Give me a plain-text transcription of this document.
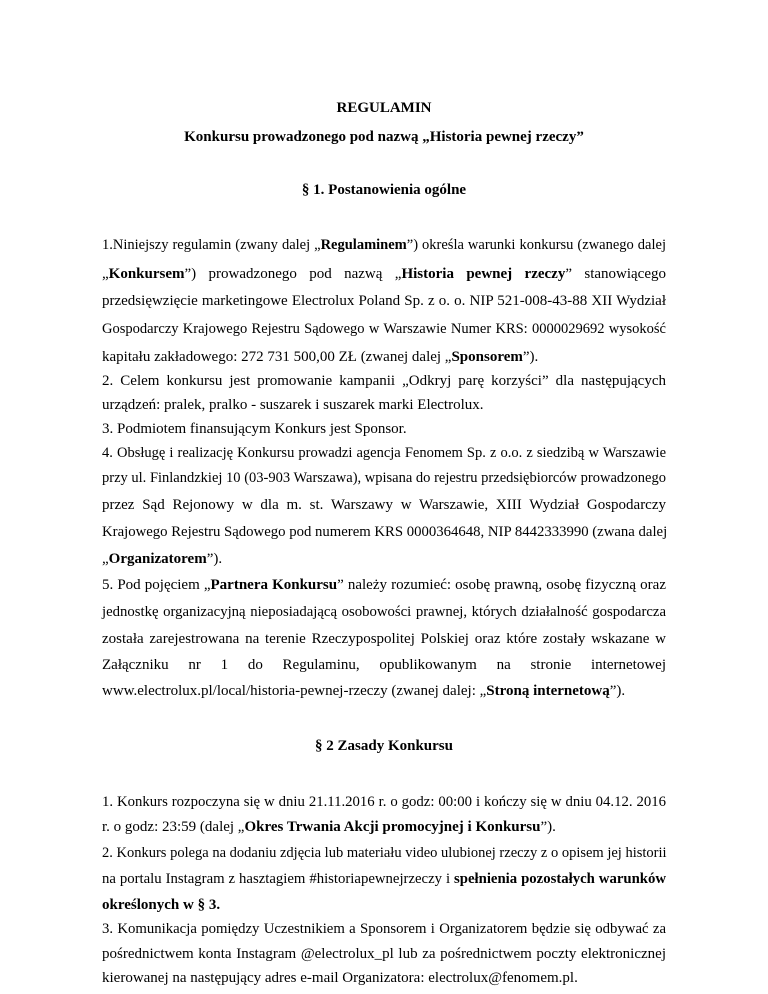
REGULAMIN
Konkursu prowadzonego pod nazwą „Historia pewnej rzeczy”
§ 1. Postanowienia ogólne
1.Niniejszy regulamin (zwany dalej „Regulaminem”) określa warunki konkursu (zwanego dalej
„Konkursem”) prowadzonego pod nazwą „Historia pewnej rzeczy” stanowiącego
przedsięwzięcie marketingowe Electrolux Poland Sp. z o. o. NIP 521-008-43-88 XII Wydział
Gospodarczy Krajowego Rejestru Sądowego w Warszawie Numer KRS: 0000029692 wysokość
kapitału zakładowego: 272 731 500,00 ZŁ (zwanej dalej „Sponsorem”).
2. Celem konkursu jest promowanie kampanii „Odkryj parę korzyści” dla następujących
urządzeń: pralek, pralko - suszarek i suszarek marki Electrolux.
3. Podmiotem finansującym Konkurs jest Sponsor.
4. Obsługę i realizację Konkursu prowadzi agencja Fenomem Sp. z o.o. z siedzibą w Warszawie
przy ul. Finlandzkiej 10 (03-903 Warszawa), wpisana do rejestru przedsiębiorców prowadzonego
przez Sąd Rejonowy w dla m. st. Warszawy w Warszawie, XIII Wydział Gospodarczy
Krajowego Rejestru Sądowego pod numerem KRS 0000364648, NIP 8442333990 (zwana dalej
„Organizatorem”).
5. Pod pojęciem „Partnera Konkursu” należy rozumieć: osobę prawną, osobę fizyczną oraz
jednostkę organizacyjną nieposiadającą osobowości prawnej, których działalność gospodarcza
została zarejestrowana na terenie Rzeczypospolitej Polskiej oraz które zostały wskazane w
Załączniku nr 1 do Regulaminu, opublikowanym na stronie internetowej
www.electrolux.pl/local/historia-pewnej-rzeczy (zwanej dalej: „Stroną internetową”).
§ 2 Zasady Konkursu
1. Konkurs rozpoczyna się w dniu 21.11.2016 r. o godz: 00:00 i kończy się w dniu 04.12. 2016
r. o godz: 23:59 (dalej „Okres Trwania Akcji promocyjnej i Konkursu”).
2. Konkurs polega na dodaniu zdjęcia lub materiału video ulubionej rzeczy z o opisem jej historii
na portalu Instagram z hasztagiem #historiapewnejrzeczy i spełnienia pozostałych warunków
określonych w § 3.
3. Komunikacja pomiędzy Uczestnikiem a Sponsorem i Organizatorem będzie się odbywać za
pośrednictwem konta Instagram @electrolux_pl lub za pośrednictwem poczty elektronicznej
kierowanej na następujący adres e-mail Organizatora: electrolux@fenomem.pl.
